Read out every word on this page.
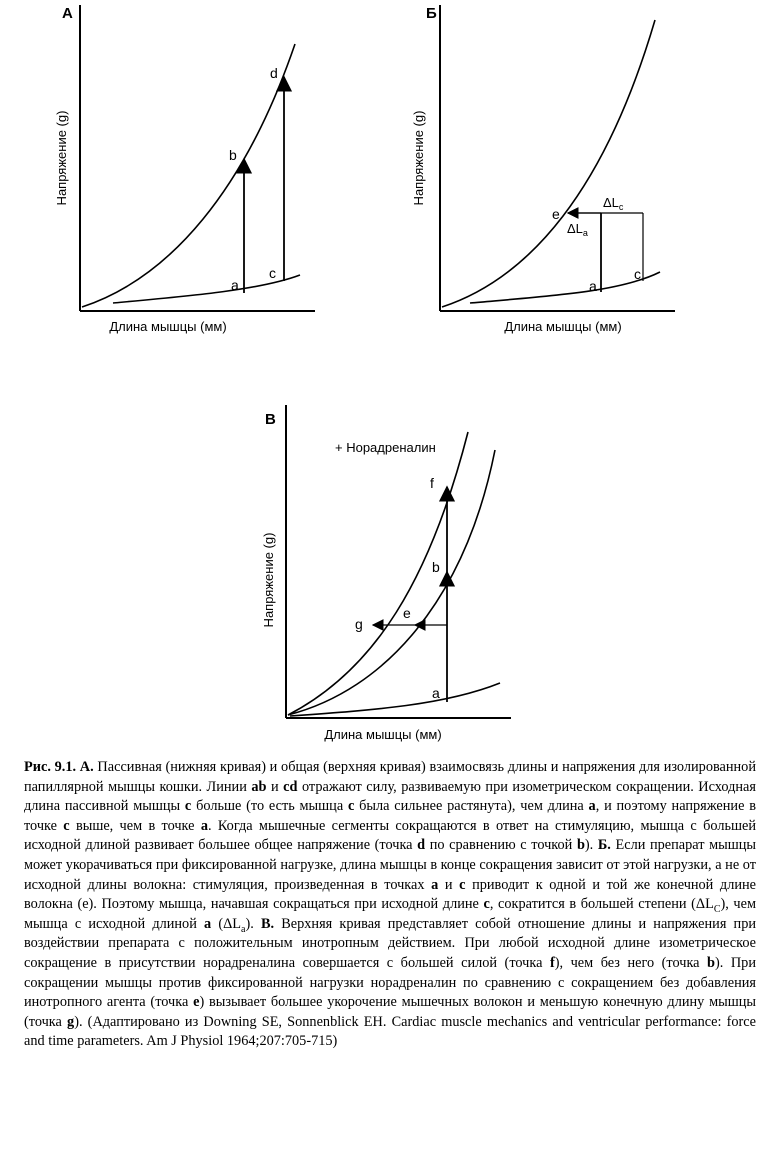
А
Напряжение (g)
Длина мышцы (мм)
a
b
c
d
Б
Напряжение (g)
Длина мышцы (мм)
e
a
c
$\Delta L_c$
$\Delta L_a$
В
Напряжение (g)
Длина мышцы (мм)
+ Норадреналин
f
b
e
g
a

Рис. 9.1. А. Пассивная (нижняя кривая) и общая (верхняя кривая) взаимосвязь длины и напряжения для изолированной папиллярной мышцы кошки. Линии ab и cd отражают силу, развиваемую при изометрическом сокращении. Исходная длина пассивной мышцы с больше (то есть мышца с была сильнее растянута), чем длина а, и поэтому напряжение в точке с выше, чем в точке а. Когда мышечные сегменты сокращаются в ответ на стимуляцию, мышца с большей исходной длиной развивает большее общее напряжение (точка d по сравнению с точкой b). Б. Если препарат мышцы может укорачиваться при фиксированной нагрузке, длина мышцы в конце сокращения зависит от этой нагрузки, а не от исходной длины волокна: стимуляция, произведенная в точках а и с приводит к одной и той же конечной длине волокна (е). Поэтому мышца, начавшая сокращаться при исходной длине с, сократится в большей степени $(\Delta L_С)$, чем мышца с исходной длиной а $(\Delta L_a)$. В. Верхняя кривая представляет собой отношение длины и напряжения при воздействии препарата с положительным инотропным действием. При любой исходной длине изометрическое сокращение в присутствии норадреналина совершается с большей силой (точка f), чем без него (точка b). При сокращении мышцы против фиксированной нагрузки норадреналин по сравнению с сокращением без добавления инотропного агента (точка е) вызывает большее укорочение мышечных волокон и меньшую конечную длину мышцы (точка g). (Адаптировано из Downing SE, Sonnenblick EH. Cardiac muscle mechanics and ventricular performance: force and time parameters. Am J Physiol 1964;207:705-715)
